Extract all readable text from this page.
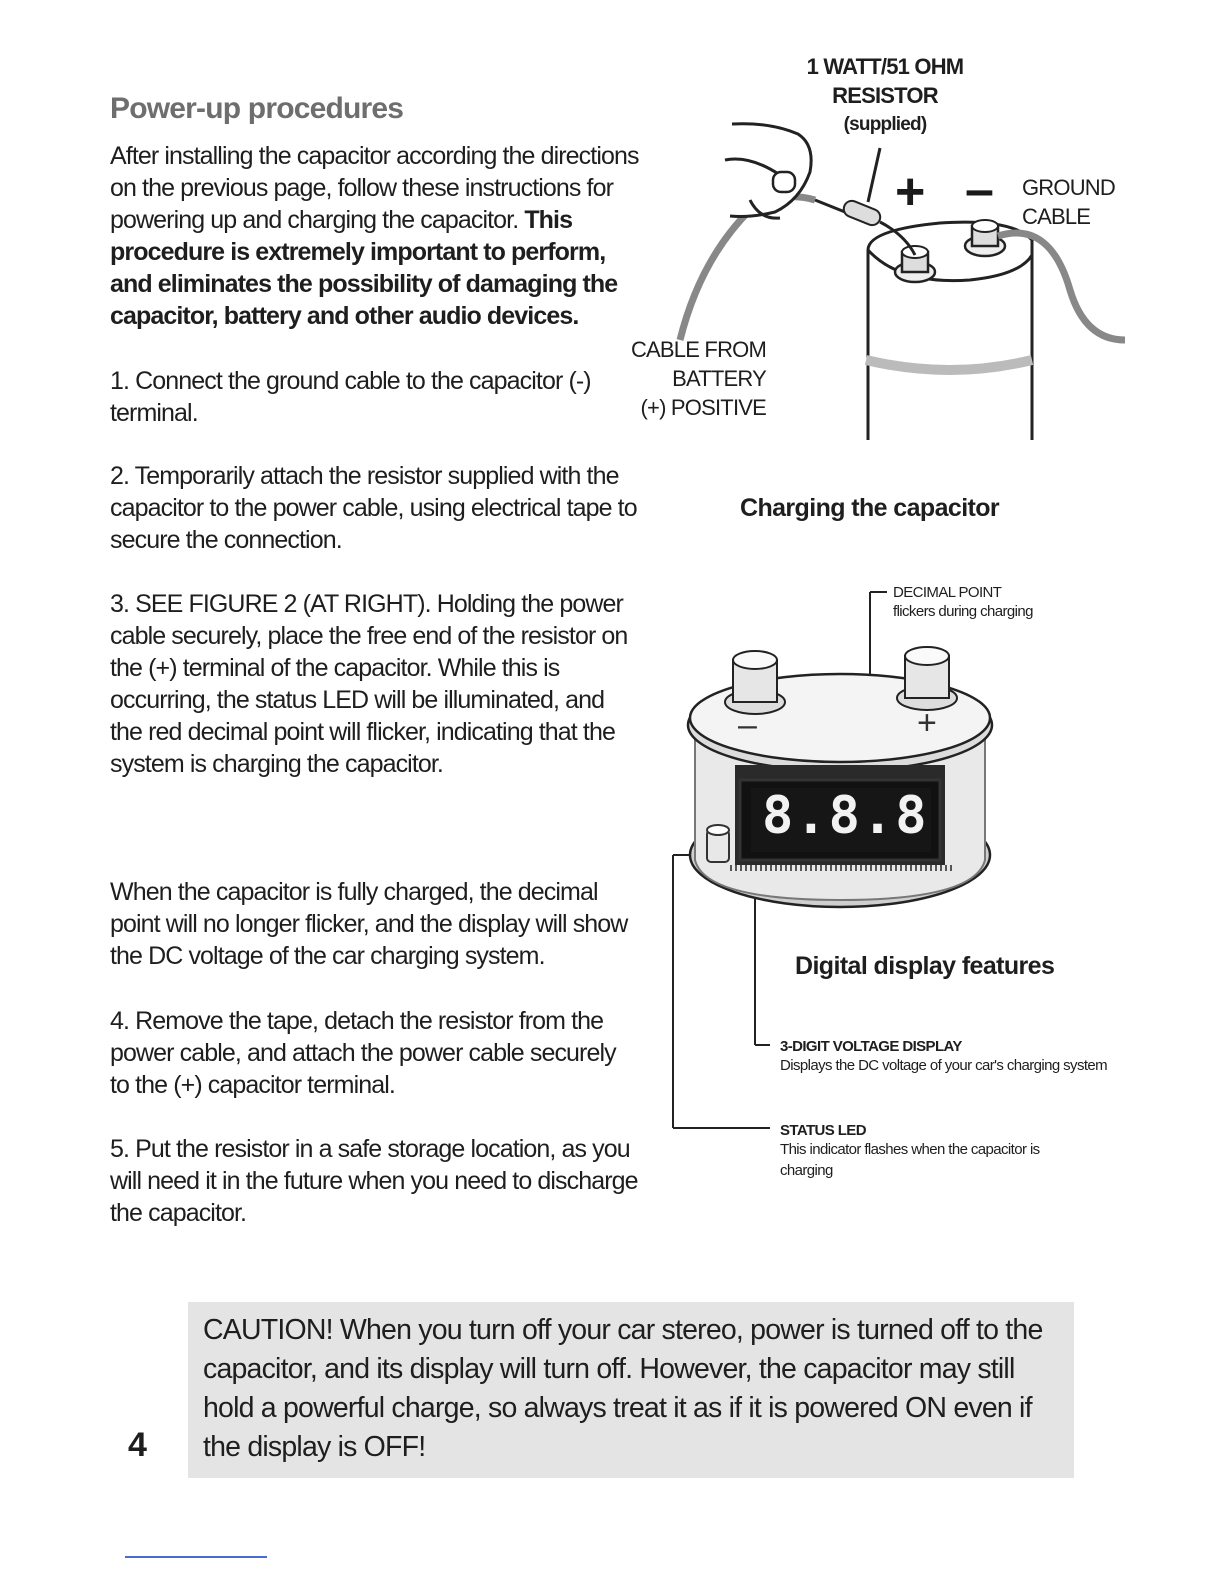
Power-up procedures
After installing the capacitor according the directions on the previous page, follow these instructions for powering up and charging the capacitor. This procedure is extremely important to perform, and eliminates the possibility of damaging the capacitor, battery and other audio devices.
1. Connect the ground cable to the capacitor (-) terminal.
2. Temporarily attach the resistor supplied with the capacitor to the power cable, using electrical tape to secure the connection.
3. SEE FIGURE 2 (AT RIGHT). Holding the power cable securely, place the free end of the resistor on the (+) terminal of the capacitor. While this is occurring, the status LED will be illuminated, and the red decimal point will flicker, indicating that the system is charging the capacitor.
When the capacitor is fully charged, the decimal point will no longer flicker, and the display will show the DC voltage of the car charging system.
4. Remove the tape, detach the resistor from the power cable, and attach the power cable securely to the (+) capacitor terminal.
5. Put the resistor in a safe storage location, as you will need it in the future when you need to discharge the capacitor.
1 WATT/51 OHM
RESISTOR
(supplied)
+ – GROUND
CABLE
CABLE FROM
BATTERY
(+) POSITIVE
Charging the capacitor
8.8.8
–	+
DECIMAL POINT
flickers during charging
Digital display features
3-DIGIT VOLTAGE DISPLAY
Displays the DC voltage of your car's charging system
STATUS LED
This indicator flashes when the capacitor is charging
CAUTION! When you turn off your car stereo, power is turned off to the capacitor, and its display will turn off. However, the capacitor may still hold a powerful charge, so always treat it as if it is powered ON even if the display is OFF!
4
